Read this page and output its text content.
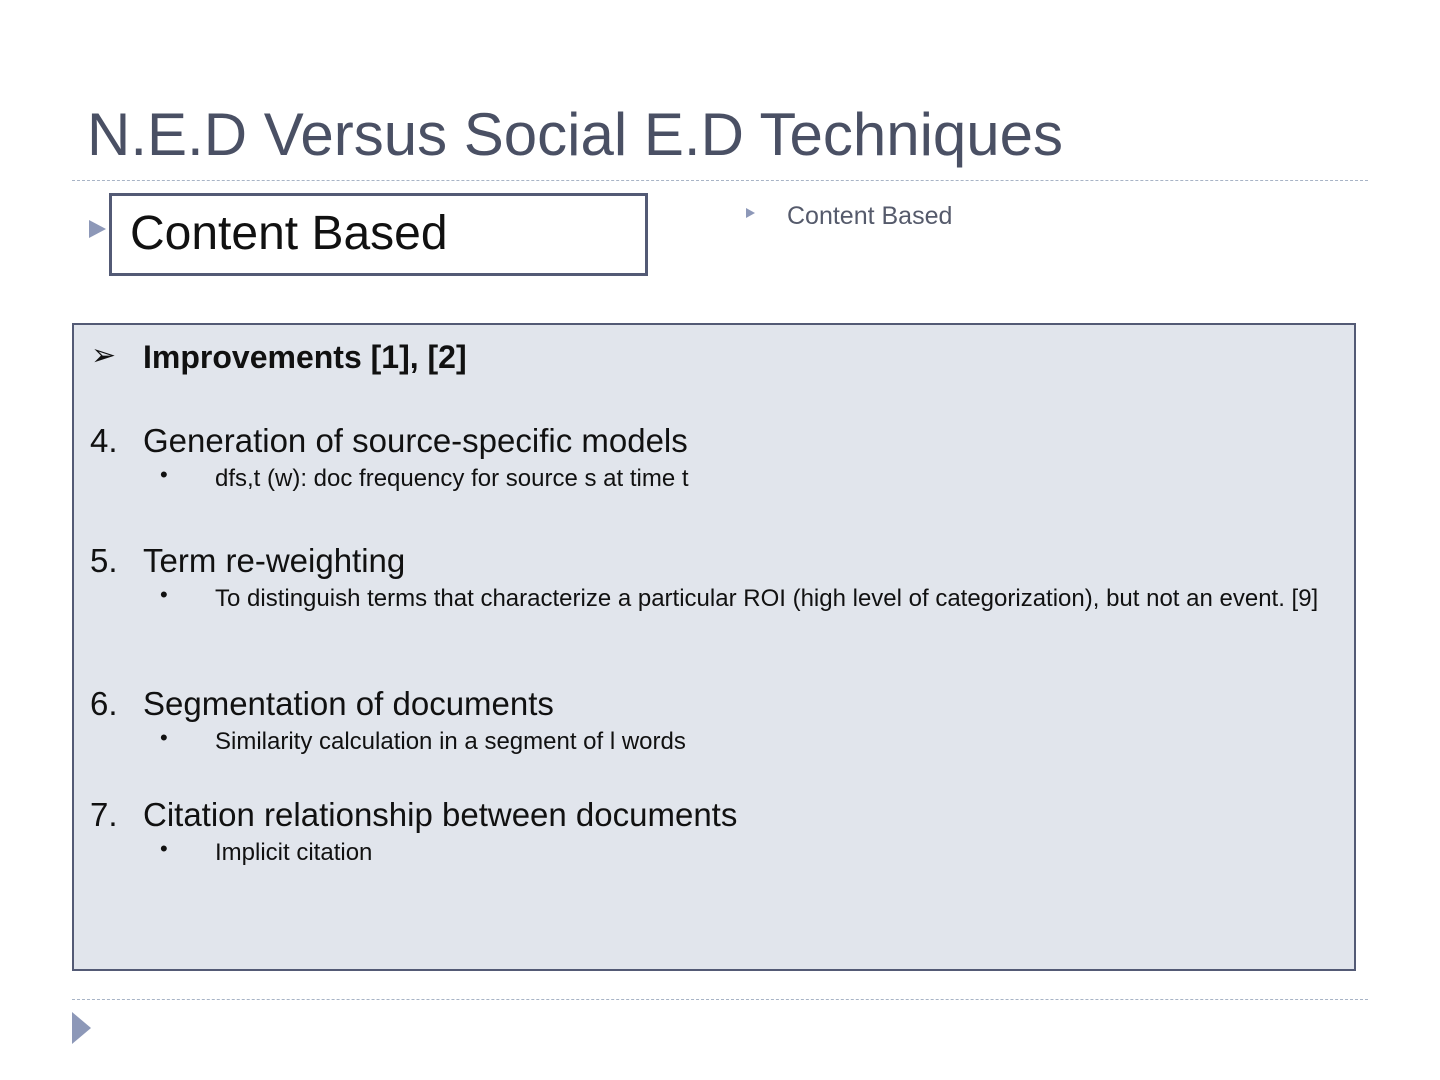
N.E.D Versus Social E.D Techniques
Content Based	Content Based
➢ Improvements [1], [2]
4. Generation of source-specific models
• dfs,t (w): doc frequency for source s at time t
5. Term re-weighting
• To distinguish terms that characterize a particular ROI (high level of categorization), but not an event. [9]
6. Segmentation of documents
• Similarity calculation in a segment of l words
7. Citation relationship between documents
• Implicit citation
